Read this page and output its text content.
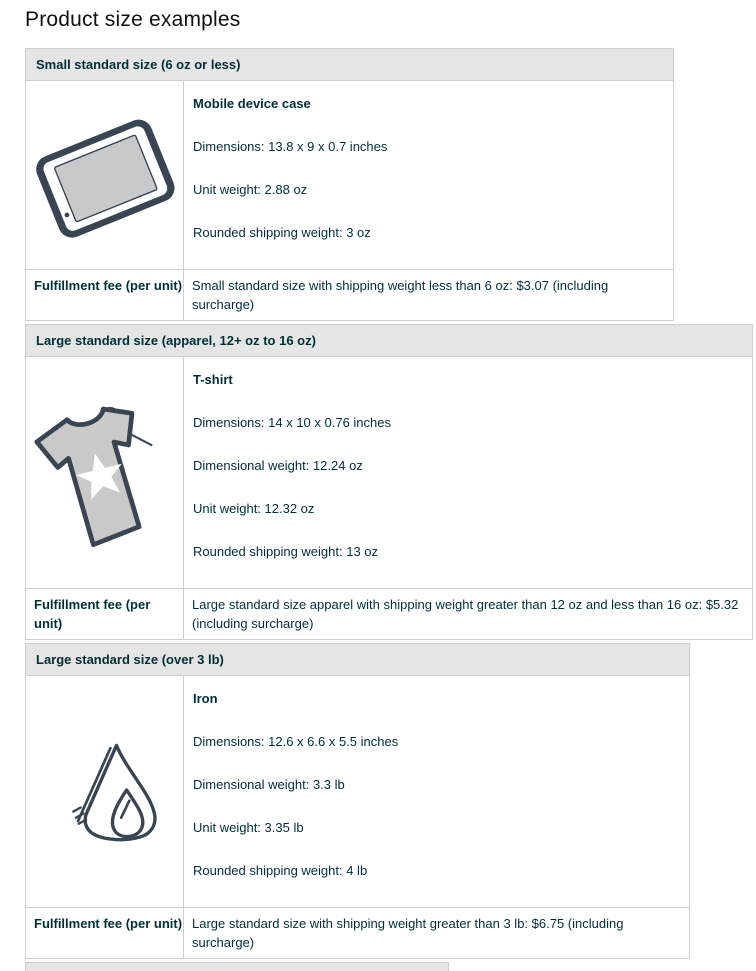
Product size examples
Small standard size (6 oz or less)

Mobile device case

Dimensions: 13.8 x 9 x 0.7 inches

Unit weight: 2.88 oz

Rounded shipping weight: 3 oz

Fulfillment fee (per unit) Small standard size with shipping weight less than 6 oz: $3.07 (including surcharge)
Large standard size (apparel, 12+ oz to 16 oz)

T-shirt

Dimensions: 14 x 10 x 0.76 inches

Dimensional weight: 12.24 oz

Unit weight: 12.32 oz

Rounded shipping weight: 13 oz

Fulfillment fee (per unit)
Large standard size apparel with shipping weight greater than 12 oz and less than 16 oz: $5.32 (including surcharge)
Large standard size (over 3 lb)

Iron

Dimensions: 12.6 x 6.6 x 5.5 inches

Dimensional weight: 3.3 lb

Unit weight: 3.35 lb

Rounded shipping weight: 4 lb

Fulfillment fee (per unit) Large standard size with shipping weight greater than 3 lb: $6.75 (including surcharge)
